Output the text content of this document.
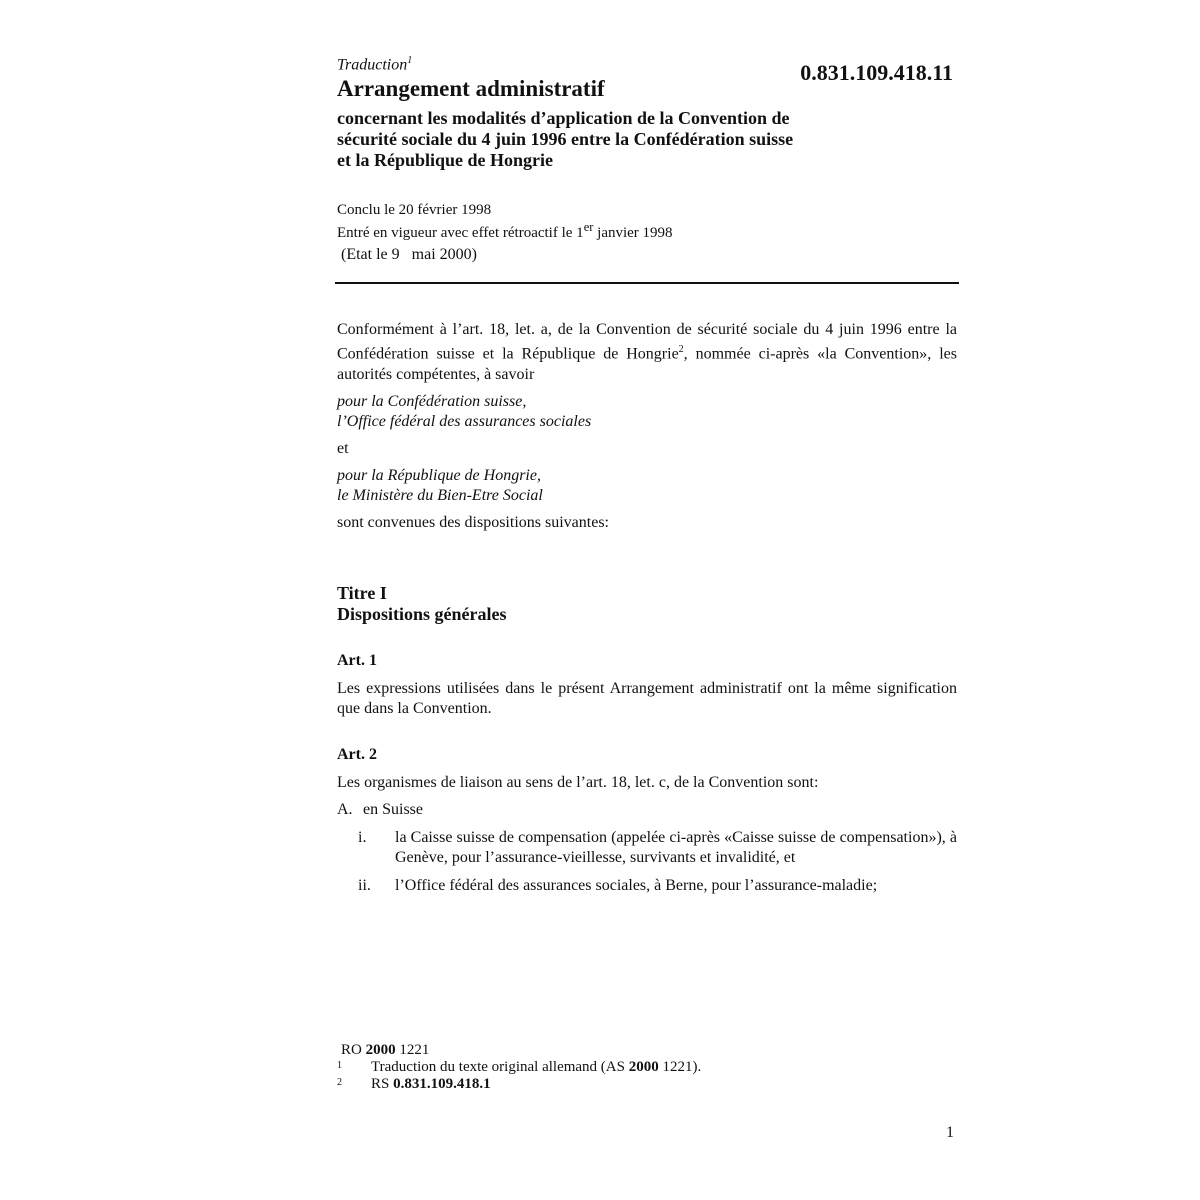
Traduction$^1$
Arrangement administratif
0.831.109.418.11
concernant les modalités d’application de la Convention de
sécurité sociale du 4 juin 1996 entre la Confédération suisse
et la République de Hongrie
Conclu le 20 février 1998
Entré en vigueur avec effet rétroactif le 1er janvier 1998
(Etat le 9   mai 2000)

Conformément à l’art. 18, let. a, de la Convention de sécurité sociale du 4 juin 1996 entre la Confédération suisse et la République de Hongrie$^2$, nommée ci-après «la Convention», les autorités compétentes, à savoir

pour la Confédération suisse,
l’Office fédéral des assurances sociales

et

pour la République de Hongrie,
le Ministère du Bien-Etre Social

sont convenues des dispositions suivantes:

Titre I
Dispositions générales
Art. 1

Les expressions utilisées dans le présent Arrangement administratif ont la même signification que dans la Convention.

Art. 2

Les organismes de liaison au sens de l’art. 18, let. c, de la Convention sont:

A. en Suisse
i. la Caisse suisse de compensation (appelée ci-après «Caisse suisse de compensation»), à Genève, pour l’assurance-vieillesse, survivants et invalidité, et
ii. l’Office fédéral des assurances sociales, à Berne, pour l’assurance-maladie;
RO 2000 1221
1 Traduction du texte original allemand (AS 2000 1221).
2 RS 0.831.109.418.1
1
